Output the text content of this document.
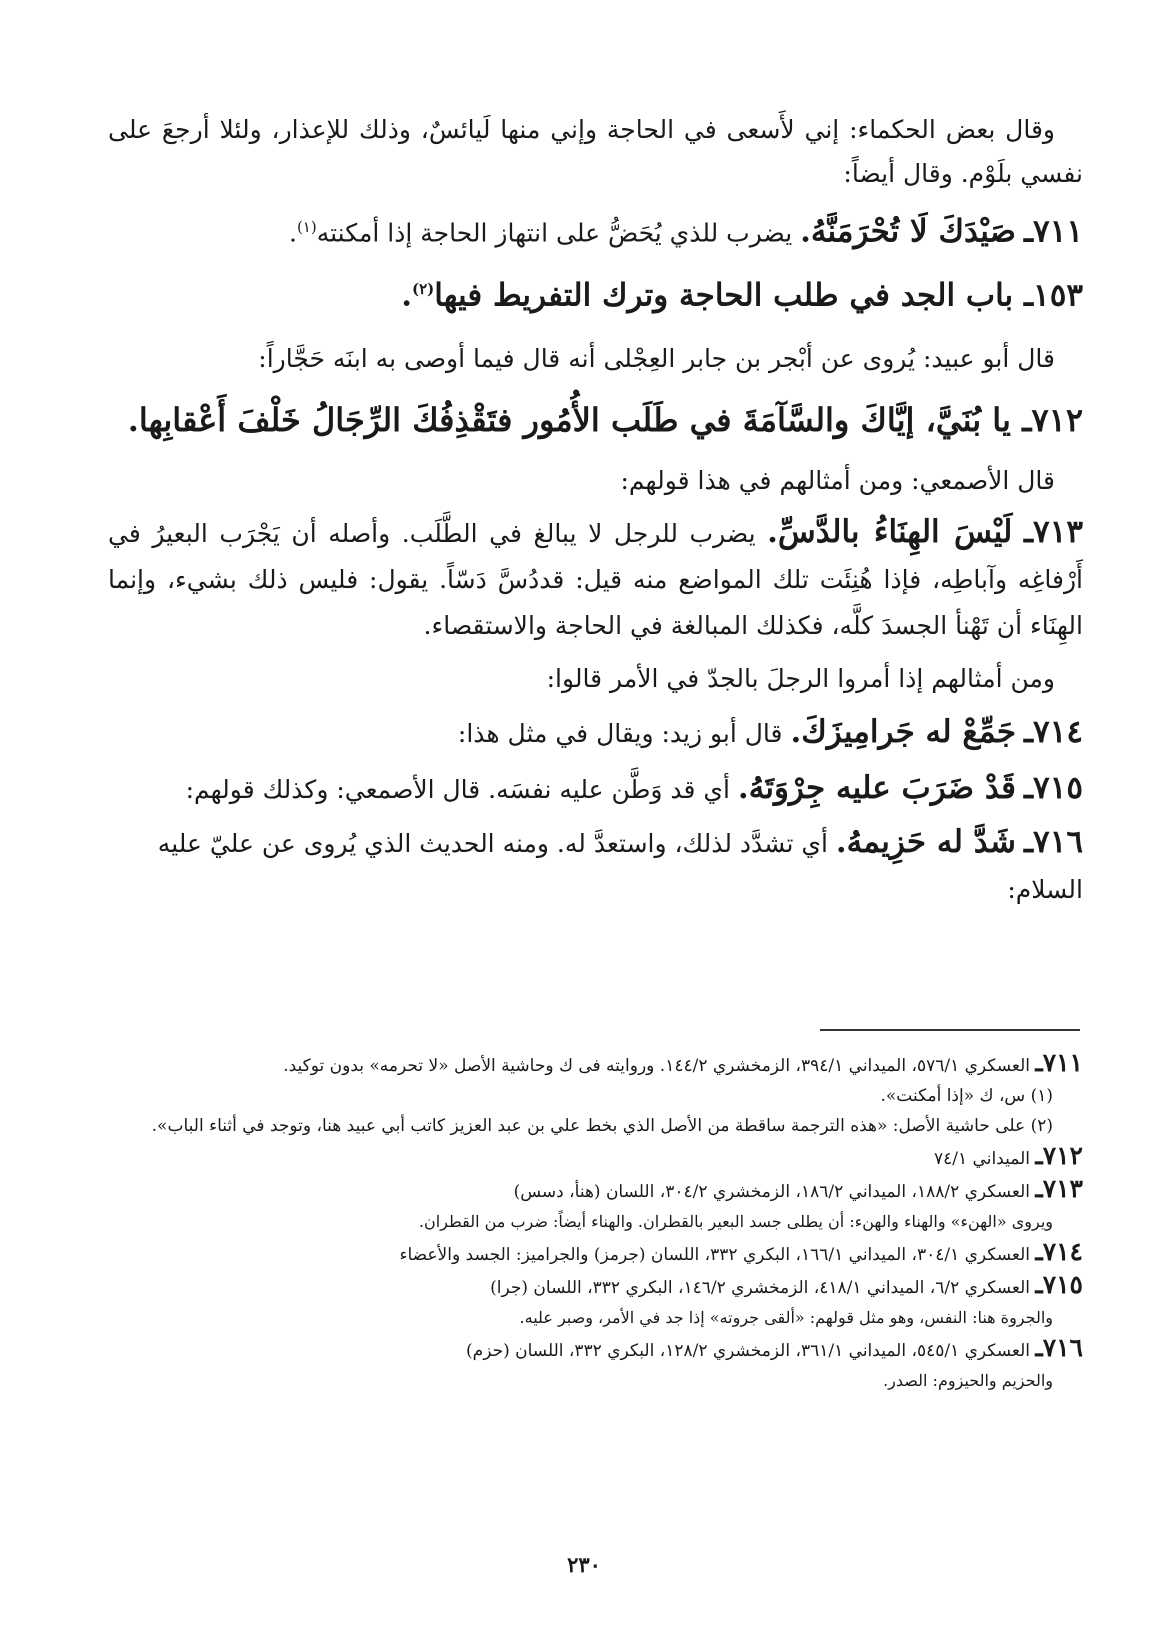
وقال بعض الحكماء: إني لأَسعى في الحاجة وإني منها لَيائسٌ، وذلك للإعذار، ولئلا أرجعَ على نفسي بلَوْم. وقال أيضاً:

٧١١ـ صَيْدَكَ لَا تُحْرَمَنَّهُ. يضرب للذي يُحَضُّ على انتهاز الحاجة إذا أمكنته$^{(١)}$.

١٥٣ـ باب الجد في طلب الحاجة وترك التفريط فيها$^{(٢)}$.

قال أبو عبيد: يُروى عن أبْجر بن جابر العِجْلى أنه قال فيما أوصى به ابنَه حَجَّاراً:

٧١٢ـ يا بُنَيَّ، إيَّاكَ والسَّآمَةَ في طَلَب الأُمُور فتَقْذِفُكَ الرِّجَالُ خَلْفَ أَعْقابِها.

قال الأصمعي: ومن أمثالهم في هذا قولهم:

٧١٣ـ لَيْسَ الهِنَاءُ بالدَّسِّ. يضرب للرجل لا يبالغ في الطَّلَب. وأصله أن يَجْرَب البعيرُ في أَرْفاغِه وآباطِه، فإذا هُنِئَت تلك المواضع منه قيل: قددُسَّ دَسّاً. يقول: فليس ذلك بشيء، وإنما الهِنَاء أن تَهْنأ الجسدَ كلَّه، فكذلك المبالغة في الحاجة والاستقصاء.

ومن أمثالهم إذا أمروا الرجلَ بالجدّ في الأمر قالوا:

٧١٤ـ جَمِّعْ له جَرامِيزَكَ. قال أبو زيد: ويقال في مثل هذا:

٧١٥ـ قَدْ ضَرَبَ عليه جِرْوَتَهُ. أي قد وَطَّن عليه نفسَه. قال الأصمعي: وكذلك قولهم:

٧١٦ـ شَدَّ له حَزِيمهُ. أي تشدَّد لذلك، واستعدَّ له. ومنه الحديث الذي يُروى عن عليّ عليه السلام:

٧١١ـ العسكري ٥٧٦/١، الميداني ٣٩٤/١، الزمخشري ١٤٤/٢. وروايته فى ك وحاشية الأصل «لا تحرمه» بدون توكيد.

(١) س، ك «إذا أمكنت».

(٢) على حاشية الأصل: «هذه الترجمة ساقطة من الأصل الذي بخط علي بن عبد العزيز كاتب أبي عبيد هنا، وتوجد في أثناء الباب».

٧١٢ـ الميداني ٧٤/١

٧١٣ـ العسكري ١٨٨/٢، الميداني ١٨٦/٢، الزمخشري ٣٠٤/٢، اللسان (هنأ، دسس)

ويروى «الهنء» والهناء والهنء: أن يطلى جسد البعير بالقطران. والهناء أيضاً: ضرب من القطران.

٧١٤ـ العسكري ٣٠٤/١، الميداني ١٦٦/١، البكري ٣٣٢، اللسان (جرمز) والجراميز: الجسد والأعضاء

٧١٥ـ العسكري ٦/٢، الميداني ٤١٨/١، الزمخشري ١٤٦/٢، البكري ٣٣٢، اللسان (جرا)

والجروة هنا: النفس، وهو مثل قولهم: «ألقى جروته» إذا جد في الأمر، وصبر عليه.

٧١٦ـ العسكري ٥٤٥/١، الميداني ٣٦١/١، الزمخشري ١٢٨/٢، البكري ٣٣٢، اللسان (حزم)

والحزيم والحيزوم: الصدر.

٢٣٠
